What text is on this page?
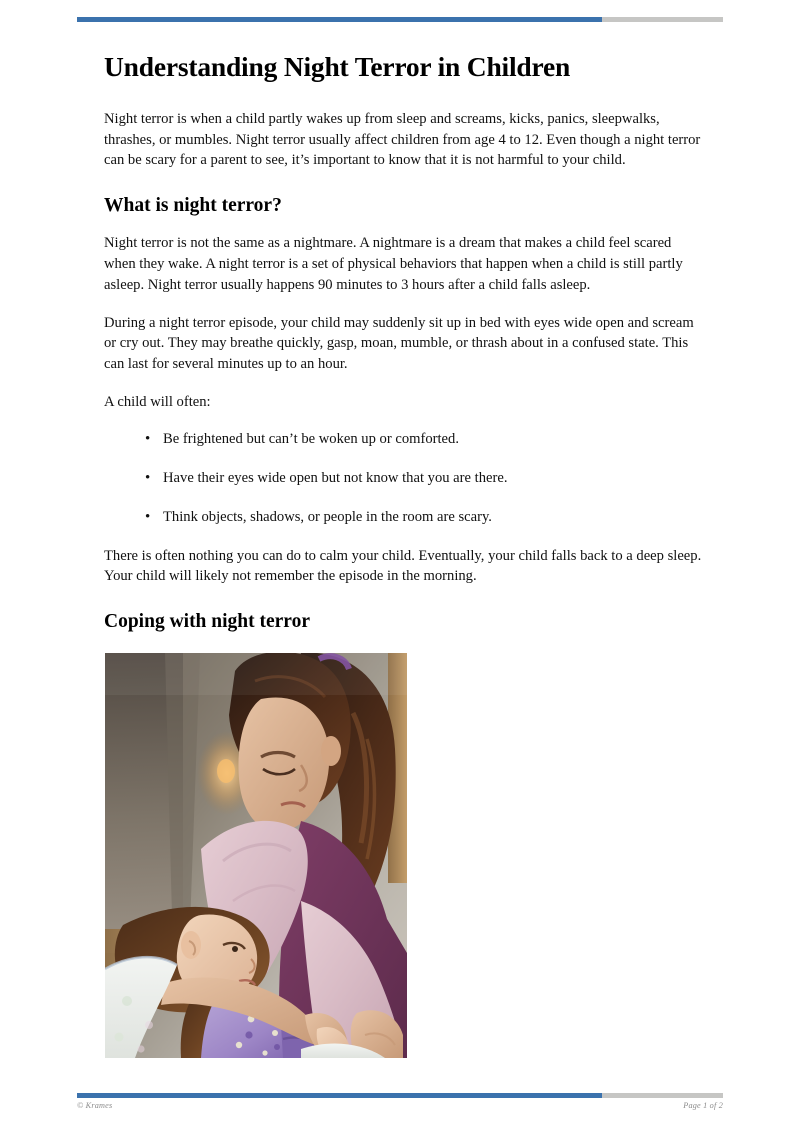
Understanding Night Terror in Children

Night terror is when a child partly wakes up from sleep and screams, kicks, panics, sleepwalks, thrashes, or mumbles. Night terror usually affect children from age 4 to 12. Even though a night terror can be scary for a parent to see, it’s important to know that it is not harmful to your child.

What is night terror?

Night terror is not the same as a nightmare. A nightmare is a dream that makes a child feel scared when they wake. A night terror is a set of physical behaviors that happen when a child is still partly asleep. Night terror usually happens 90 minutes to 3 hours after a child falls asleep.

During a night terror episode, your child may suddenly sit up in bed with eyes wide open and scream or cry out. They may breathe quickly, gasp, moan, mumble, or thrash about in a confused state. This can last for several minutes up to an hour.

A child will often:

• Be frightened but can’t be woken up or comforted.
• Have their eyes wide open but not know that you are there.
• Think objects, shadows, or people in the room are scary.

There is often nothing you can do to calm your child. Eventually, your child falls back to a deep sleep. Your child will likely not remember the episode in the morning.

Coping with night terror
© Krames	Page 1 of 2
